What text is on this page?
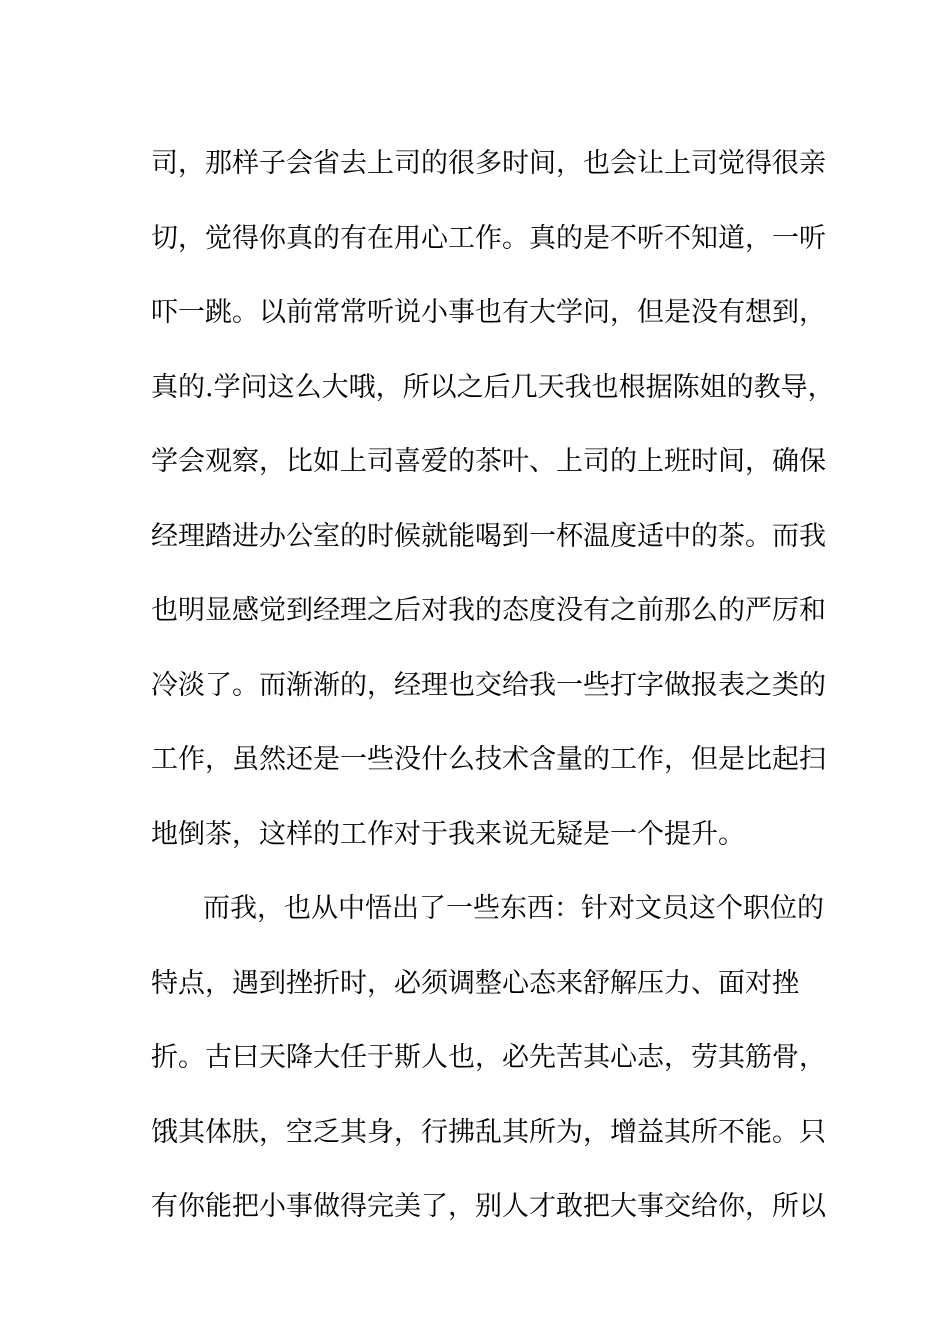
司，那样子会省去上司的很多时间，也会让上司觉得很亲
切，觉得你真的有在用心工作。真的是不听不知道，一听
吓一跳。以前常常听说小事也有大学问，但是没有想到，
真的.学问这么大哦，所以之后几天我也根据陈姐的教导，
学会观察，比如上司喜爱的茶叶、上司的上班时间，确保
经理踏进办公室的时候就能喝到一杯温度适中的茶。而我
也明显感觉到经理之后对我的态度没有之前那么的严厉和
冷淡了。而渐渐的，经理也交给我一些打字做报表之类的
工作，虽然还是一些没什么技术含量的工作，但是比起扫
地倒茶，这样的工作对于我来说无疑是一个提升。
而我，也从中悟出了一些东西：针对文员这个职位的
特点，遇到挫折时，必须调整心态来舒解压力、面对挫
折。古曰天降大任于斯人也，必先苦其心志，劳其筋骨，
饿其体肤，空乏其身，行拂乱其所为，增益其所不能。只
有你能把小事做得完美了，别人才敢把大事交给你，所以
